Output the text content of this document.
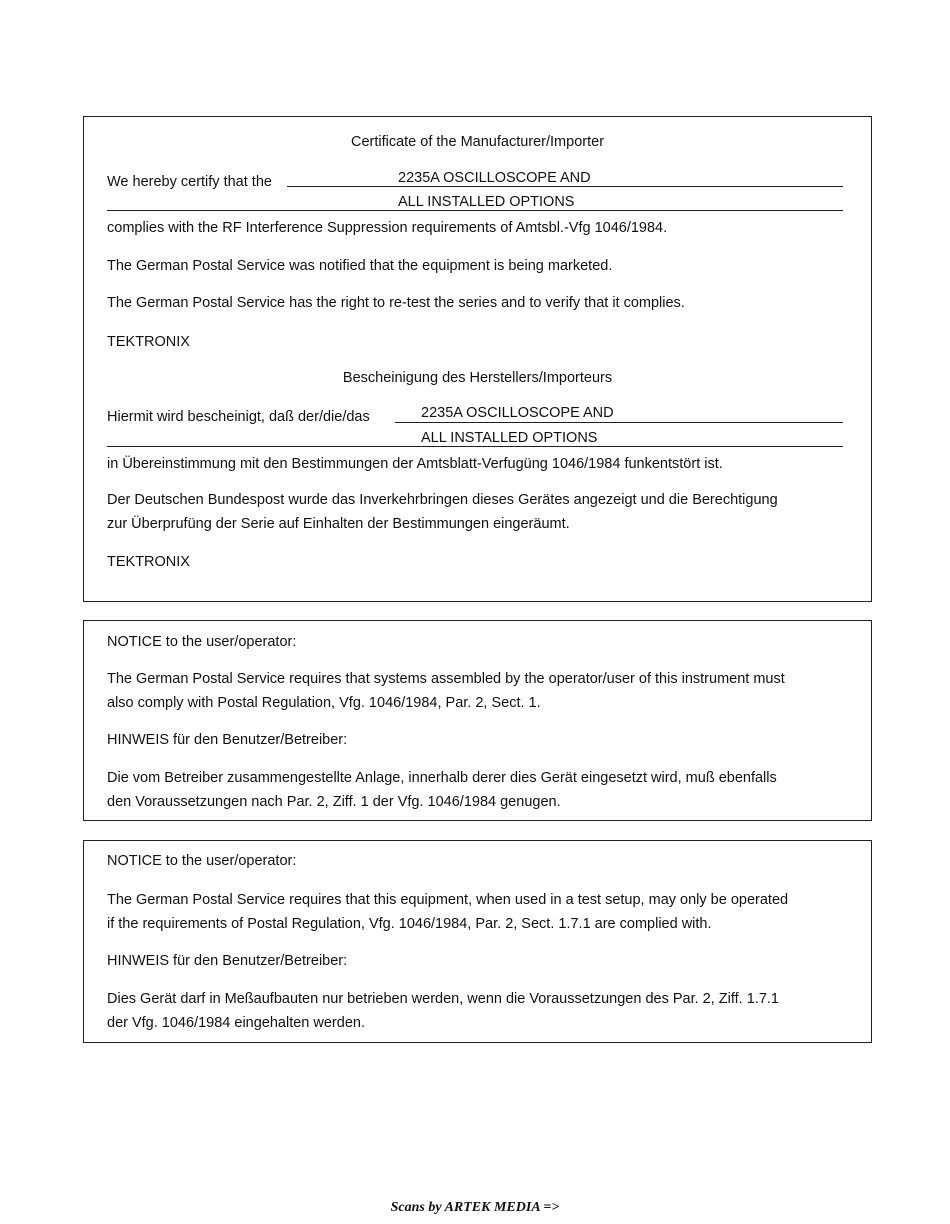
Certificate of the Manufacturer/Importer
We hereby certify that the	2235A OSCILLOSCOPE AND
ALL INSTALLED OPTIONS
complies with the RF Interference Suppression requirements of Amtsbl.-Vfg 1046/1984.
The German Postal Service was notified that the equipment is being marketed.
The German Postal Service has the right to re-test the series and to verify that it complies.
TEKTRONIX
Bescheinigung des Herstellers/Importeurs
Hiermit wird bescheinigt, daß der/die/das	2235A OSCILLOSCOPE AND
ALL INSTALLED OPTIONS
in Übereinstimmung mit den Bestimmungen der Amtsblatt-Verfugüng 1046/1984 funkentstört ist.
Der Deutschen Bundespost wurde das Inverkehrbringen dieses Gerätes angezeigt und die Berechtigung
zur Überprufüng der Serie auf Einhalten der Bestimmungen eingeräumt.
TEKTRONIX
NOTICE to the user/operator:
The German Postal Service requires that systems assembled by the operator/user of this instrument must
also comply with Postal Regulation, Vfg. 1046/1984, Par. 2, Sect. 1.
HINWEIS für den Benutzer/Betreiber:
Die vom Betreiber zusammengestellte Anlage, innerhalb derer dies Gerät eingesetzt wird, muß ebenfalls
den Voraussetzungen nach Par. 2, Ziff. 1 der Vfg. 1046/1984 genugen.
NOTICE to the user/operator:
The German Postal Service requires that this equipment, when used in a test setup, may only be operated
if the requirements of Postal Regulation, Vfg. 1046/1984, Par. 2, Sect. 1.7.1 are complied with.
HINWEIS für den Benutzer/Betreiber:
Dies Gerät darf in Meßaufbauten nur betrieben werden, wenn die Voraussetzungen des Par. 2, Ziff. 1.7.1
der Vfg. 1046/1984 eingehalten werden.
Scans by ARTEK MEDIA =>
